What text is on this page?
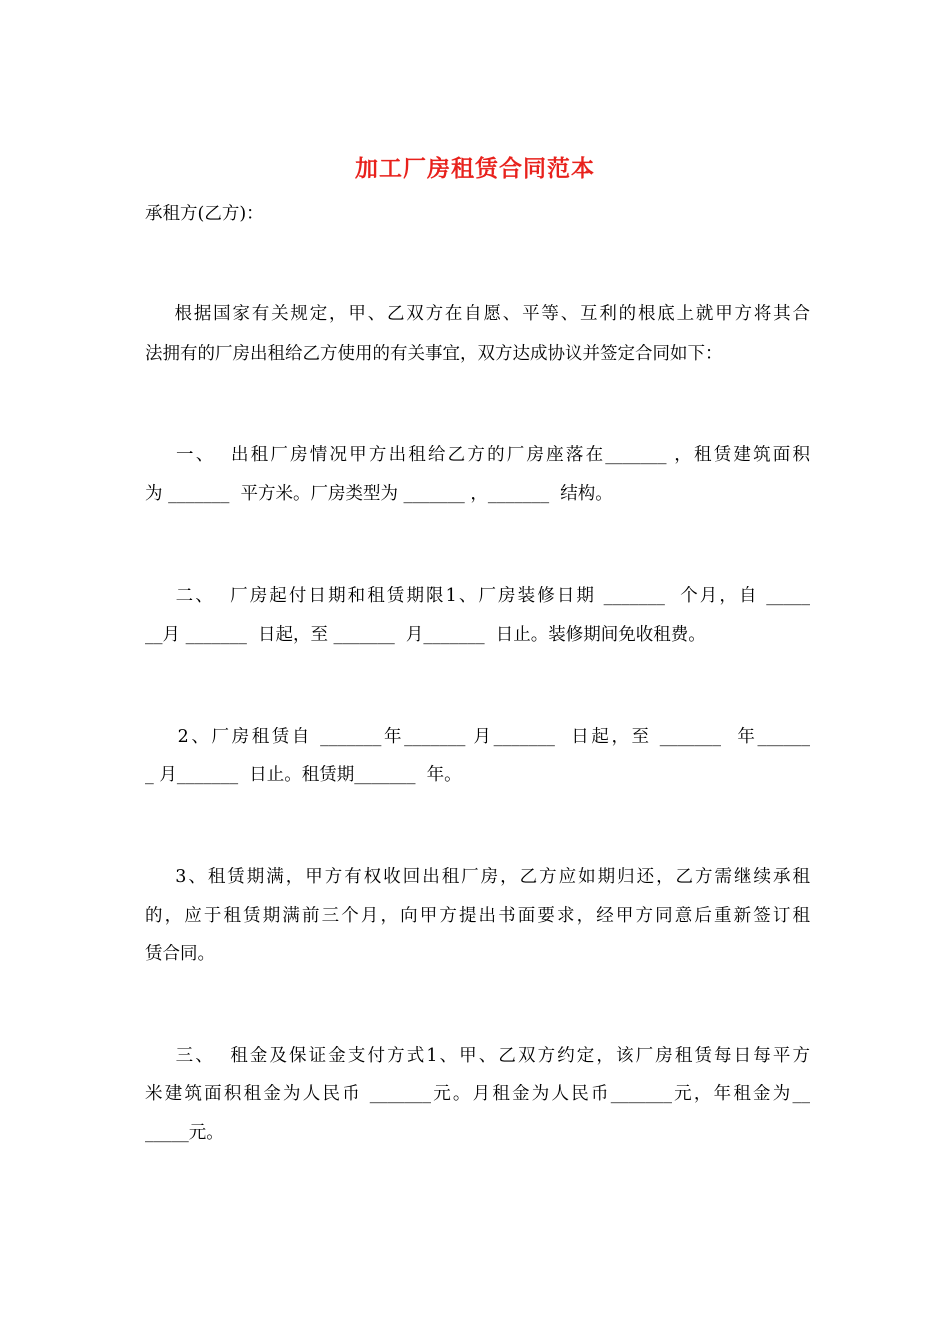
加工厂房租赁合同范本
承租方(乙方)：
根据国家有关规定，甲、乙双方在自愿、平等、互利的根底上就甲方将其合
法拥有的厂房出租给乙方使用的有关事宜，双方达成协议并签定合同如下：
一、  出租厂房情况甲方出租给乙方的厂房座落在_______ ，租赁建筑面积
为 _______  平方米。厂房类型为 _______ ，_______  结构。
二、  厂房起付日期和租赁期限1、厂房装修日期 _______  个月，自 _____
__月 _______  日起，至 _______  月_______  日止。装修期间免收租费。
2、厂房租赁自 _______年_______ 月_______  日起，至 _______  年______
_ 月_______  日止。租赁期_______  年。
3、租赁期满，甲方有权收回出租厂房，乙方应如期归还，乙方需继续承租
的，应于租赁期满前三个月，向甲方提出书面要求，经甲方同意后重新签订租
赁合同。
三、  租金及保证金支付方式1、甲、乙双方约定，该厂房租赁每日每平方
米建筑面积租金为人民币 _______元。月租金为人民币_______元，年租金为__
_____元。
